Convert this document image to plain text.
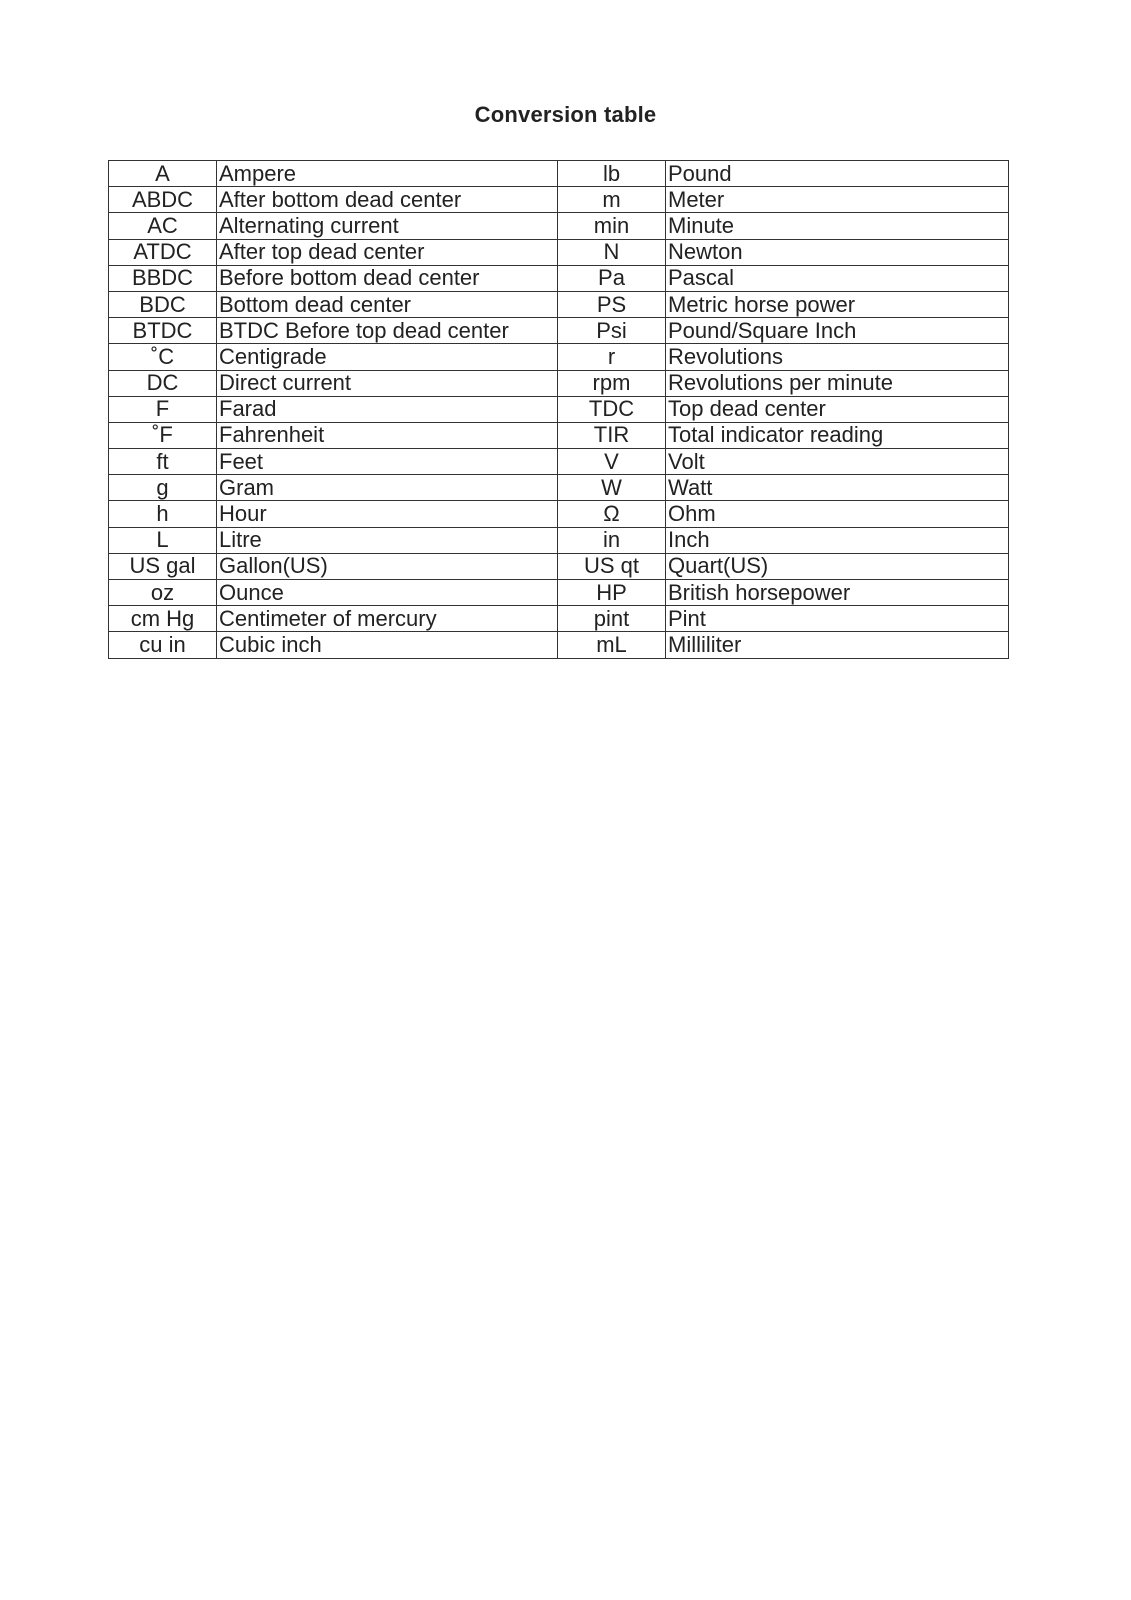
Conversion table
A	Ampere	lb	Pound
ABDC	After bottom dead center	m	Meter
AC	Alternating current	min	Minute
ATDC	After top dead center	N	Newton
BBDC	Before bottom dead center	Pa	Pascal
BDC	Bottom dead center	PS	Metric horse power
BTDC	BTDC Before top dead center	Psi	Pound/Square Inch
˚C	Centigrade	r	Revolutions
DC	Direct current	rpm	Revolutions per minute
F	Farad	TDC	Top dead center
˚F	Fahrenheit	TIR	Total indicator reading
ft	Feet	V	Volt
g	Gram	W	Watt
h	Hour	Ω	Ohm
L	Litre	in	Inch
US gal	Gallon(US)	US qt	Quart(US)
oz	Ounce	HP	British horsepower
cm Hg	Centimeter of mercury	pint	Pint
cu in	Cubic inch	mL	Milliliter
